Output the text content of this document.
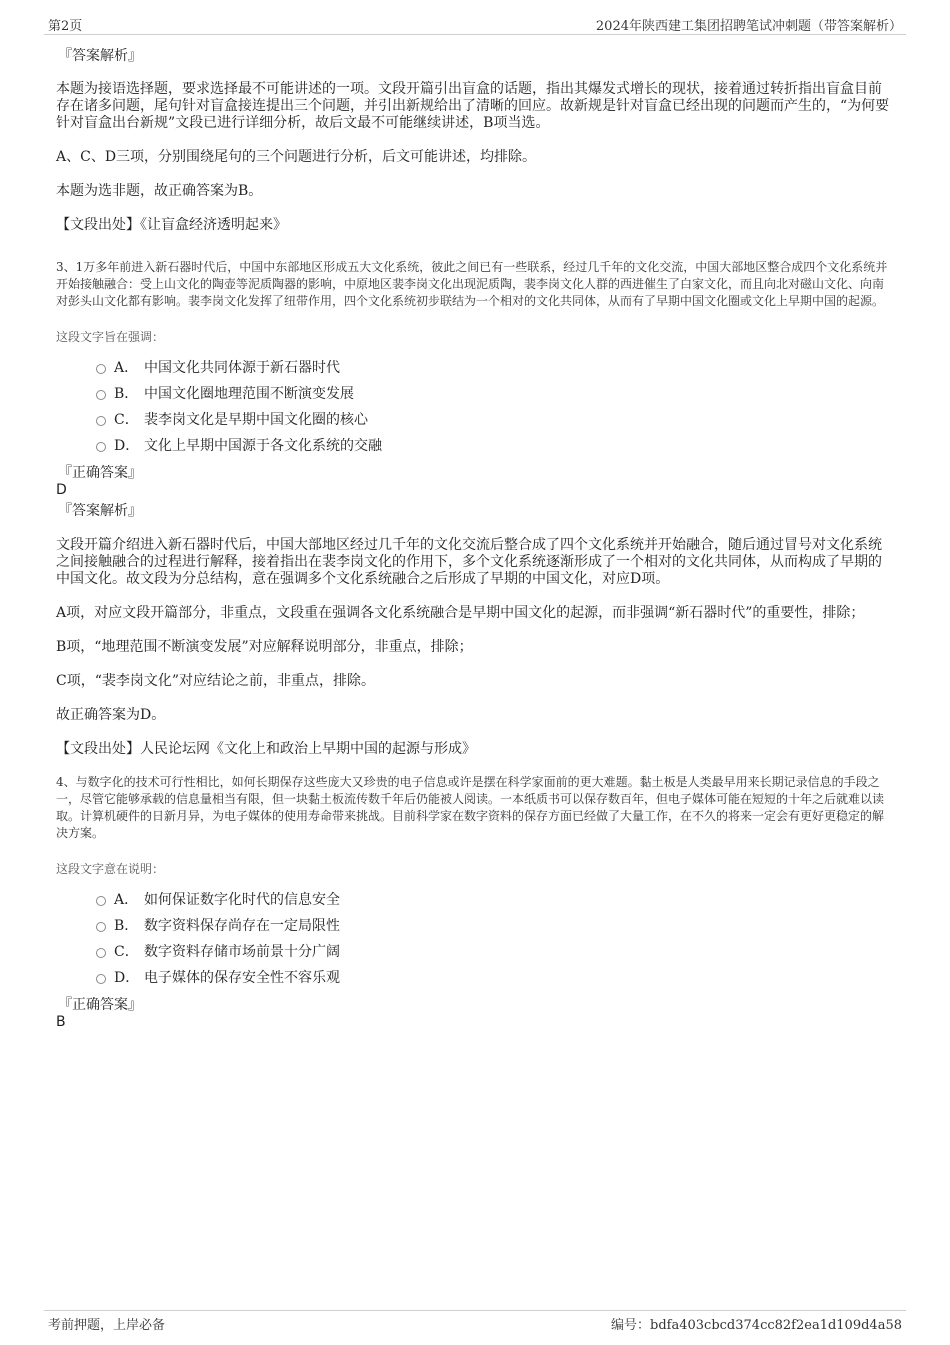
第2页	2024年陕西建工集团招聘笔试冲刺题（带答案解析）

『答案解析』

本题为接语选择题，要求选择最不可能讲述的一项。文段开篇引出盲盒的话题，指出其爆发式增长的现状，接着通过转折指出盲盒目前存在诸多问题，尾句针对盲盒接连提出三个问题，并引出新规给出了清晰的回应。故新规是针对盲盒已经出现的问题而产生的，“为何要针对盲盒出台新规”文段已进行详细分析，故后文最不可能继续讲述，B项当选。

A、C、D三项，分别围绕尾句的三个问题进行分析，后文可能讲述，均排除。

本题为选非题，故正确答案为B。

【文段出处】《让盲盒经济透明起来》

3、1万多年前进入新石器时代后，中国中东部地区形成五大文化系统，彼此之间已有一些联系，经过几千年的文化交流，中国大部地区整合成四个文化系统并开始接触融合：受上山文化的陶壶等泥质陶器的影响，中原地区裴李岗文化出现泥质陶，裴李岗文化人群的西进催生了白家文化，而且向北对磁山文化、向南对彭头山文化都有影响。裴李岗文化发挥了纽带作用，四个文化系统初步联结为一个相对的文化共同体，从而有了早期中国文化圈或文化上早期中国的起源。

这段文字旨在强调：

A． 中国文化共同体源于新石器时代
B． 中国文化圈地理范围不断演变发展
C． 裴李岗文化是早期中国文化圈的核心
D． 文化上早期中国源于各文化系统的交融

『正确答案』

D

『答案解析』

文段开篇介绍进入新石器时代后，中国大部地区经过几千年的文化交流后整合成了四个文化系统并开始融合，随后通过冒号对文化系统之间接触融合的过程进行解释，接着指出在裴李岗文化的作用下，多个文化系统逐渐形成了一个相对的文化共同体，从而构成了早期的中国文化。故文段为分总结构，意在强调多个文化系统融合之后形成了早期的中国文化，对应D项。

A项，对应文段开篇部分，非重点，文段重在强调各文化系统融合是早期中国文化的起源，而非强调“新石器时代”的重要性，排除；

B项，“地理范围不断演变发展”对应解释说明部分，非重点，排除；

C项，“裴李岗文化”对应结论之前，非重点，排除。

故正确答案为D。

【文段出处】人民论坛网《文化上和政治上早期中国的起源与形成》

4、与数字化的技术可行性相比，如何长期保存这些庞大又珍贵的电子信息或许是摆在科学家面前的更大难题。黏土板是人类最早用来长期记录信息的手段之一，尽管它能够承载的信息量相当有限，但一块黏土板流传数千年后仍能被人阅读。一本纸质书可以保存数百年，但电子媒体可能在短短的十年之后就难以读取。计算机硬件的日新月异，为电子媒体的使用寿命带来挑战。目前科学家在数字资料的保存方面已经做了大量工作，在不久的将来一定会有更好更稳定的解决方案。

这段文字意在说明：

A． 如何保证数字化时代的信息安全
B． 数字资料保存尚存在一定局限性
C． 数字资料存储市场前景十分广阔
D． 电子媒体的保存安全性不容乐观

『正确答案』

B

考前押题，上岸必备	编号：bdfa403cbcd374cc82f2ea1d109d4a58
